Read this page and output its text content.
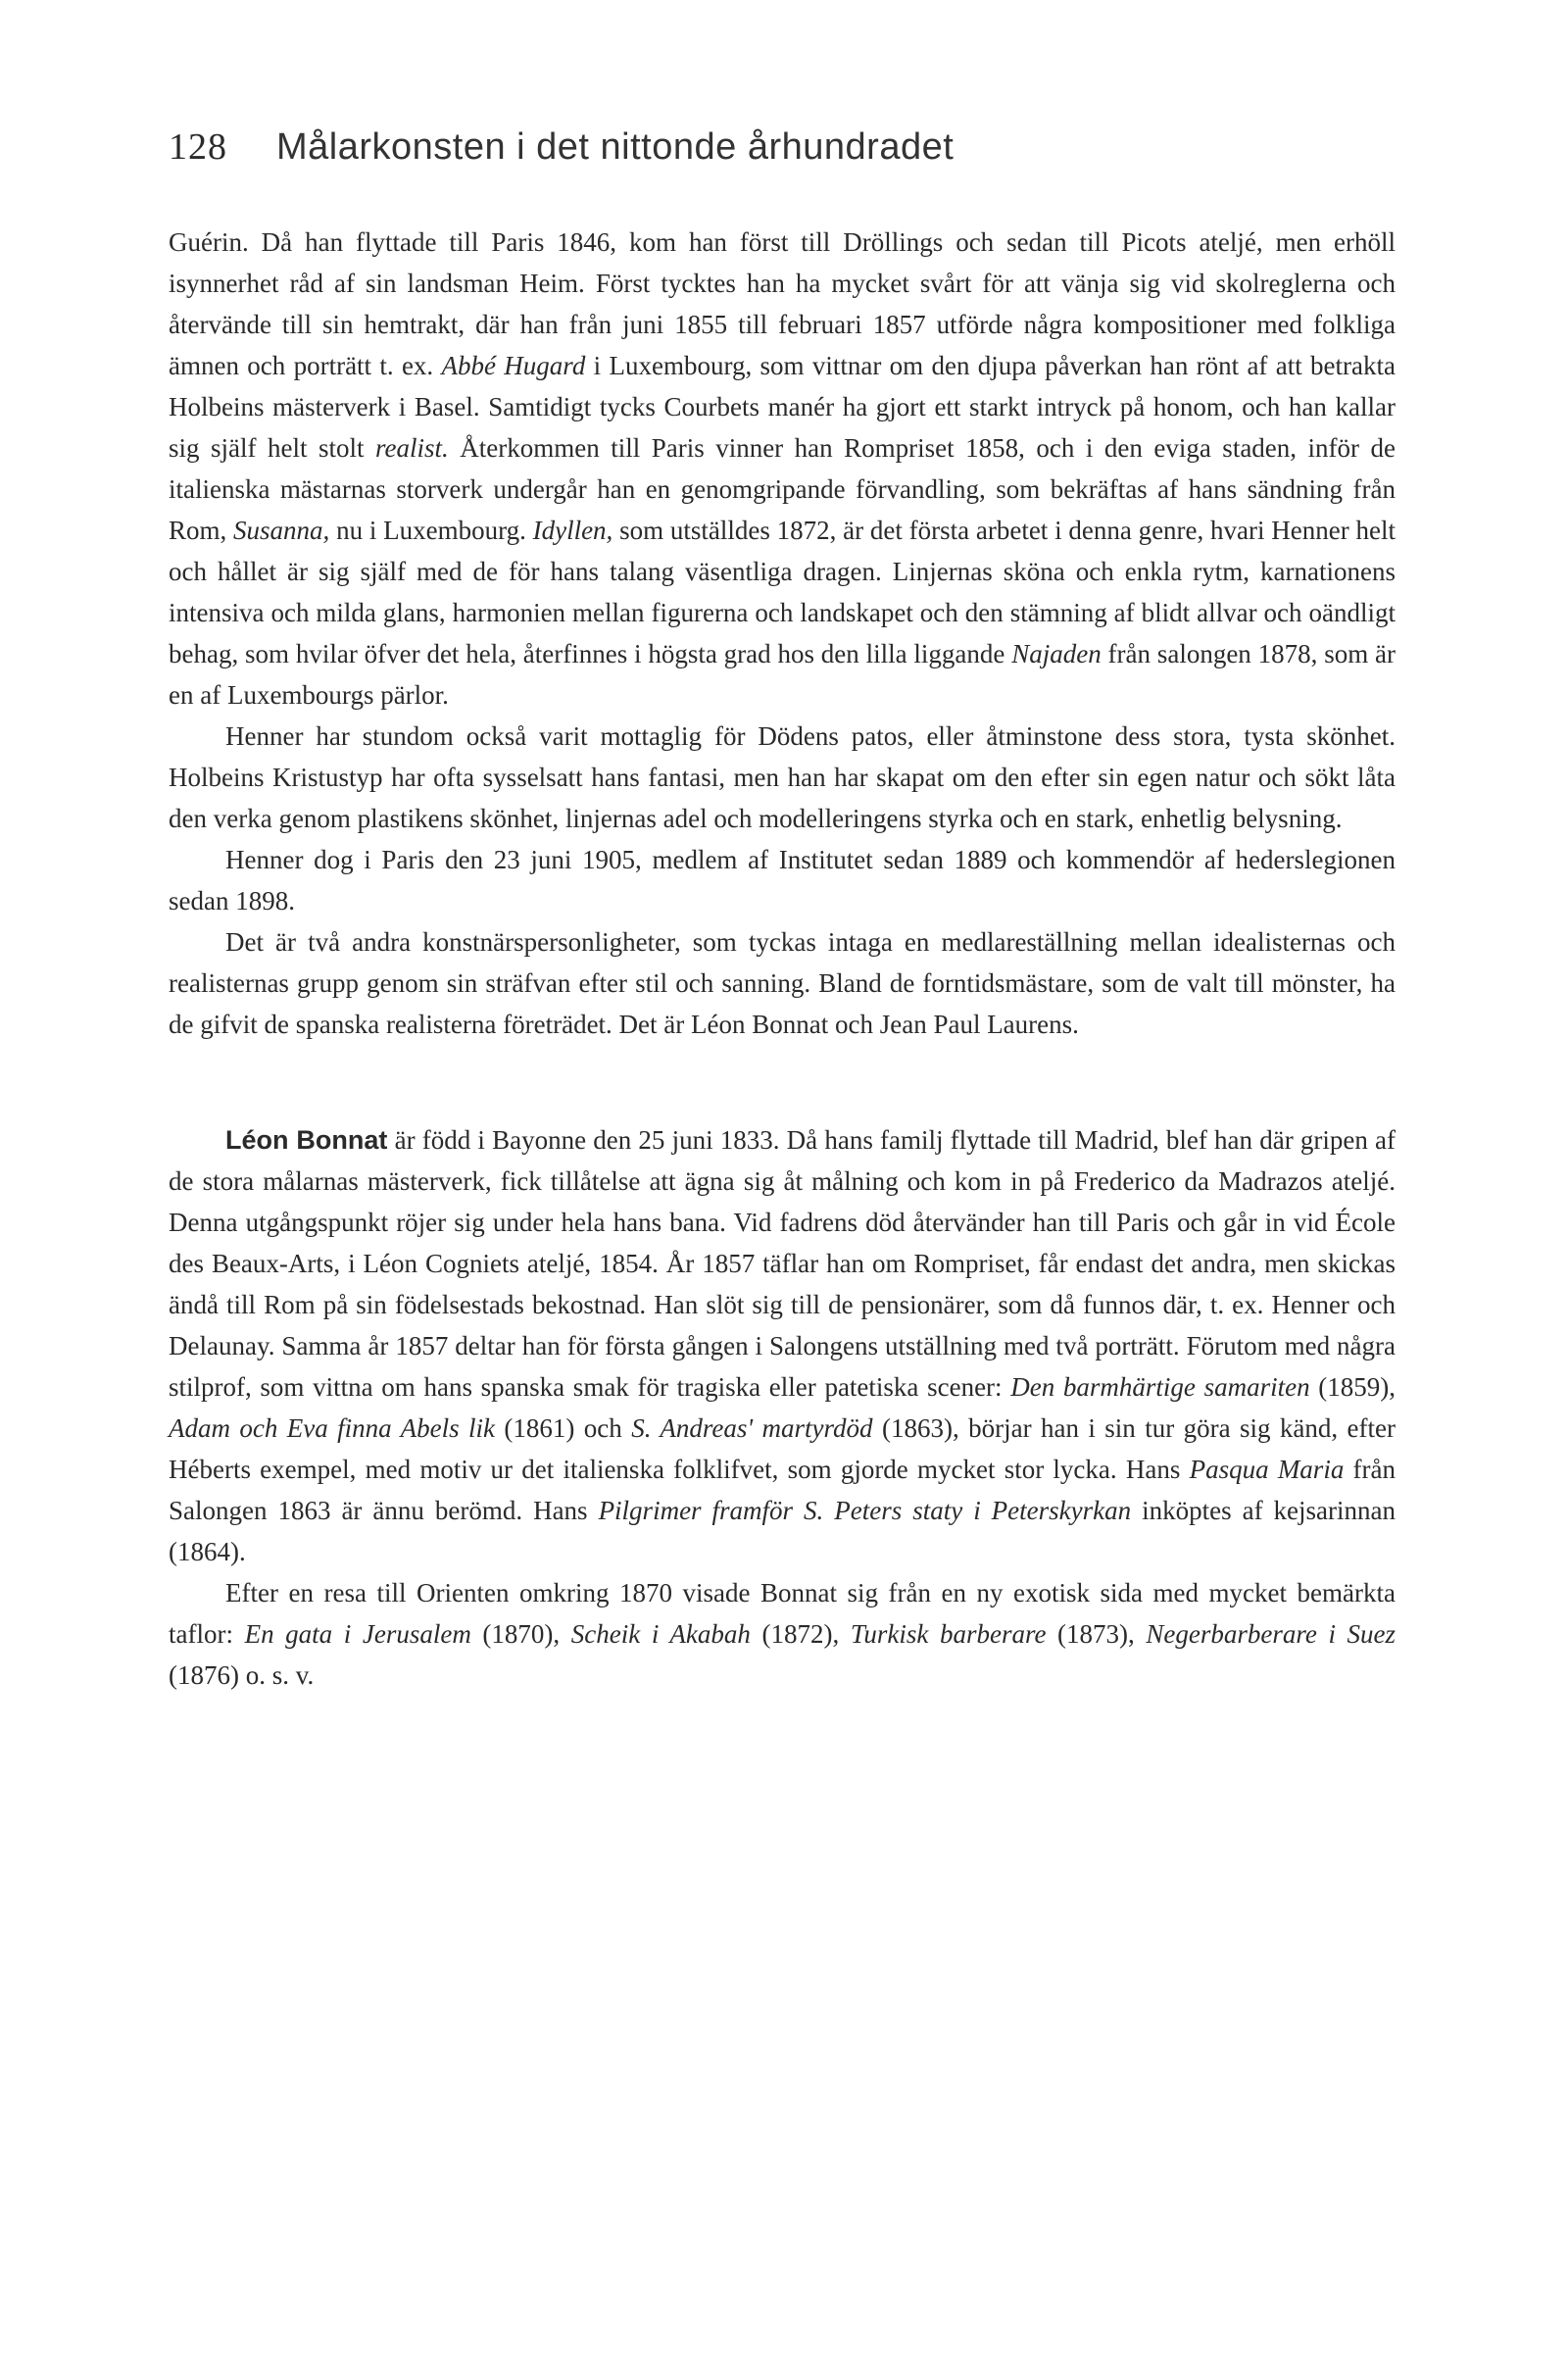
128	Målarkonsten i det nittonde århundradet

Guérin. Då han flyttade till Paris 1846, kom han först till Dröllings och sedan till Picots ateljé, men erhöll isynnerhet råd af sin landsman Heim. Först tycktes han ha mycket svårt för att vänja sig vid skolreglerna och återvände till sin hemtrakt, där han från juni 1855 till februari 1857 utförde några kompositioner med folkliga ämnen och porträtt t. ex. Abbé Hugard i Luxembourg, som vittnar om den djupa påverkan han rönt af att betrakta Holbeins mästerverk i Basel. Samtidigt tycks Courbets manér ha gjort ett starkt intryck på honom, och han kallar sig själf helt stolt realist. Återkommen till Paris vinner han Rompriset 1858, och i den eviga staden, inför de italienska mästarnas storverk undergår han en genomgripande förvandling, som bekräftas af hans sändning från Rom, Susanna, nu i Luxembourg. Idyllen, som utställdes 1872, är det första arbetet i denna genre, hvari Henner helt och hållet är sig själf med de för hans talang väsentliga dragen. Linjernas sköna och enkla rytm, karnationens intensiva och milda glans, harmonien mellan figurerna och landskapet och den stämning af blidt allvar och oändligt behag, som hvilar öfver det hela, återfinnes i högsta grad hos den lilla liggande Najaden från salongen 1878, som är en af Luxembourgs pärlor.

Henner har stundom också varit mottaglig för Dödens patos, eller åtminstone dess stora, tysta skönhet. Holbeins Kristustyp har ofta sysselsatt hans fantasi, men han har skapat om den efter sin egen natur och sökt låta den verka genom plastikens skönhet, linjernas adel och modelleringens styrka och en stark, enhetlig belysning.

Henner dog i Paris den 23 juni 1905, medlem af Institutet sedan 1889 och kommendör af hederslegionen sedan 1898.

Det är två andra konstnärspersonligheter, som tyckas intaga en medlareställning mellan idealisternas och realisternas grupp genom sin sträfvan efter stil och sanning. Bland de forntidsmästare, som de valt till mönster, ha de gifvit de spanska realisterna företrädet. Det är Léon Bonnat och Jean Paul Laurens.

Léon Bonnat är född i Bayonne den 25 juni 1833. Då hans familj flyttade till Madrid, blef han där gripen af de stora målarnas mästerverk, fick tillåtelse att ägna sig åt målning och kom in på Frederico da Madrazos ateljé. Denna utgångspunkt röjer sig under hela hans bana. Vid fadrens död återvänder han till Paris och går in vid École des Beaux-Arts, i Léon Cogniets ateljé, 1854. År 1857 täflar han om Rompriset, får endast det andra, men skickas ändå till Rom på sin födelsestads bekostnad. Han slöt sig till de pensionärer, som då funnos där, t. ex. Henner och Delaunay. Samma år 1857 deltar han för första gången i Salongens utställning med två porträtt. Förutom med några stilprof, som vittna om hans spanska smak för tragiska eller patetiska scener: Den barmhärtige samariten (1859), Adam och Eva finna Abels lik (1861) och S. Andreas' martyrdöd (1863), börjar han i sin tur göra sig känd, efter Héberts exempel, med motiv ur det italienska folklifvet, som gjorde mycket stor lycka. Hans Pasqua Maria från Salongen 1863 är ännu berömd. Hans Pilgrimer framför S. Peters staty i Peterskyrkan inköptes af kejsarinnan (1864).

Efter en resa till Orienten omkring 1870 visade Bonnat sig från en ny exotisk sida med mycket bemärkta taflor: En gata i Jerusalem (1870), Scheik i Akabah (1872), Turkisk barberare (1873), Negerbarberare i Suez (1876) o. s. v.
